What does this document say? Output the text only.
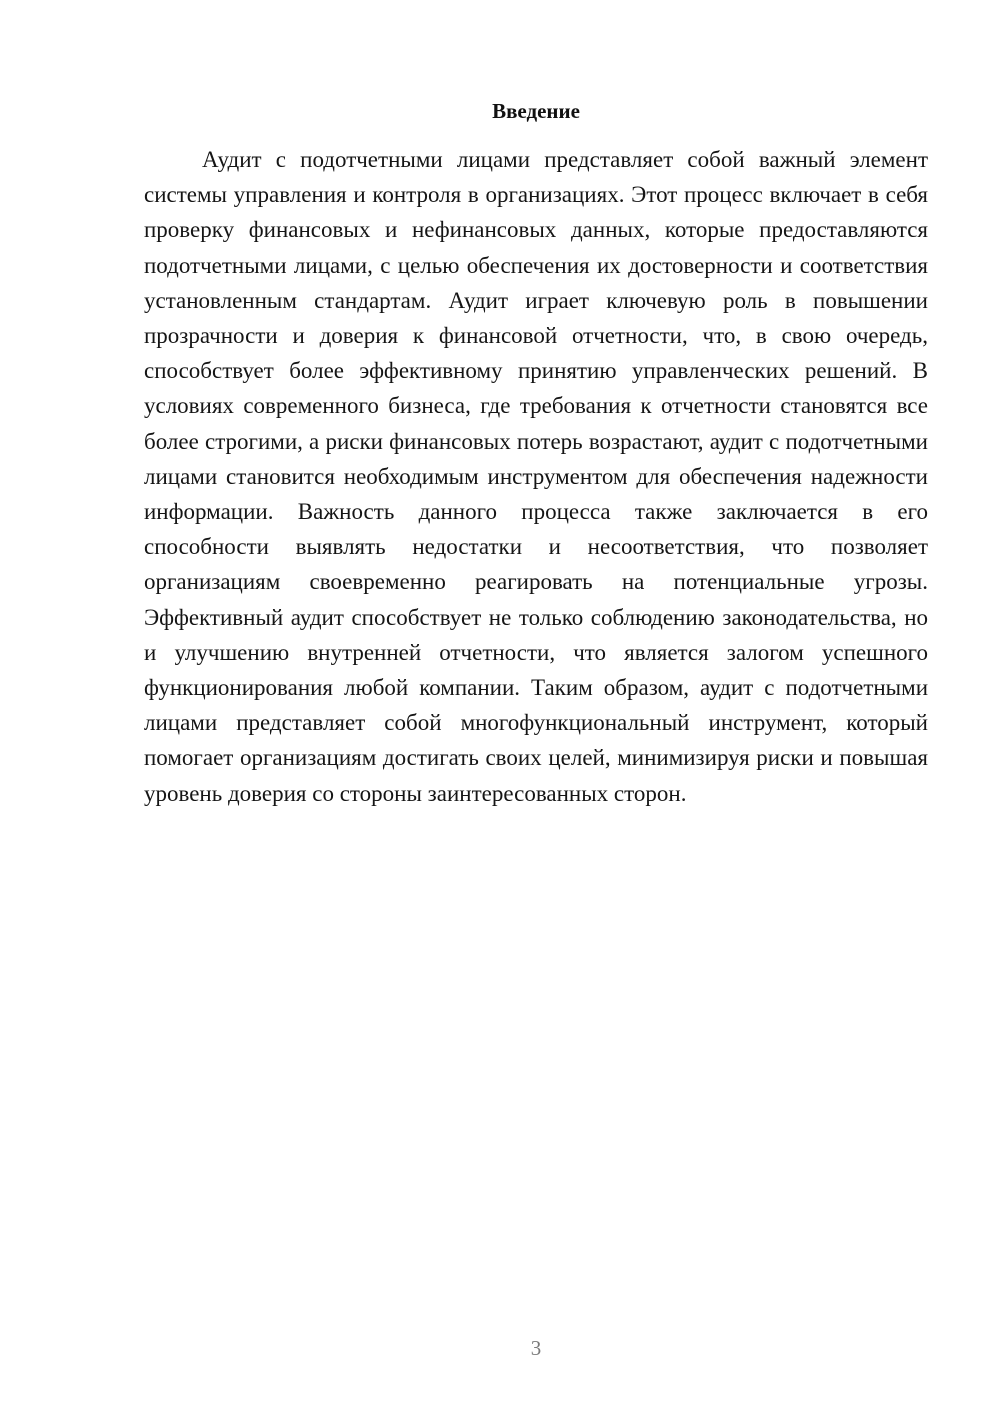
Введение

Аудит с подотчетными лицами представляет собой важный элемент системы управления и контроля в организациях. Этот процесс включает в себя проверку финансовых и нефинансовых данных, которые предоставляются подотчетными лицами, с целью обеспечения их достоверности и соответствия установленным стандартам. Аудит играет ключевую роль в повышении прозрачности и доверия к финансовой отчетности, что, в свою очередь, способствует более эффективному принятию управленческих решений. В условиях современного бизнеса, где требования к отчетности становятся все более строгими, а риски финансовых потерь возрастают, аудит с подотчетными лицами становится необходимым инструментом для обеспечения надежности информации. Важность данного процесса также заключается в его способности выявлять недостатки и несоответствия, что позволяет организациям своевременно реагировать на потенциальные угрозы. Эффективный аудит способствует не только соблюдению законодательства, но и улучшению внутренней отчетности, что является залогом успешного функционирования любой компании. Таким образом, аудит с подотчетными лицами представляет собой многофункциональный инструмент, который помогает организациям достигать своих целей, минимизируя риски и повышая уровень доверия со стороны заинтересованных сторон.

3
